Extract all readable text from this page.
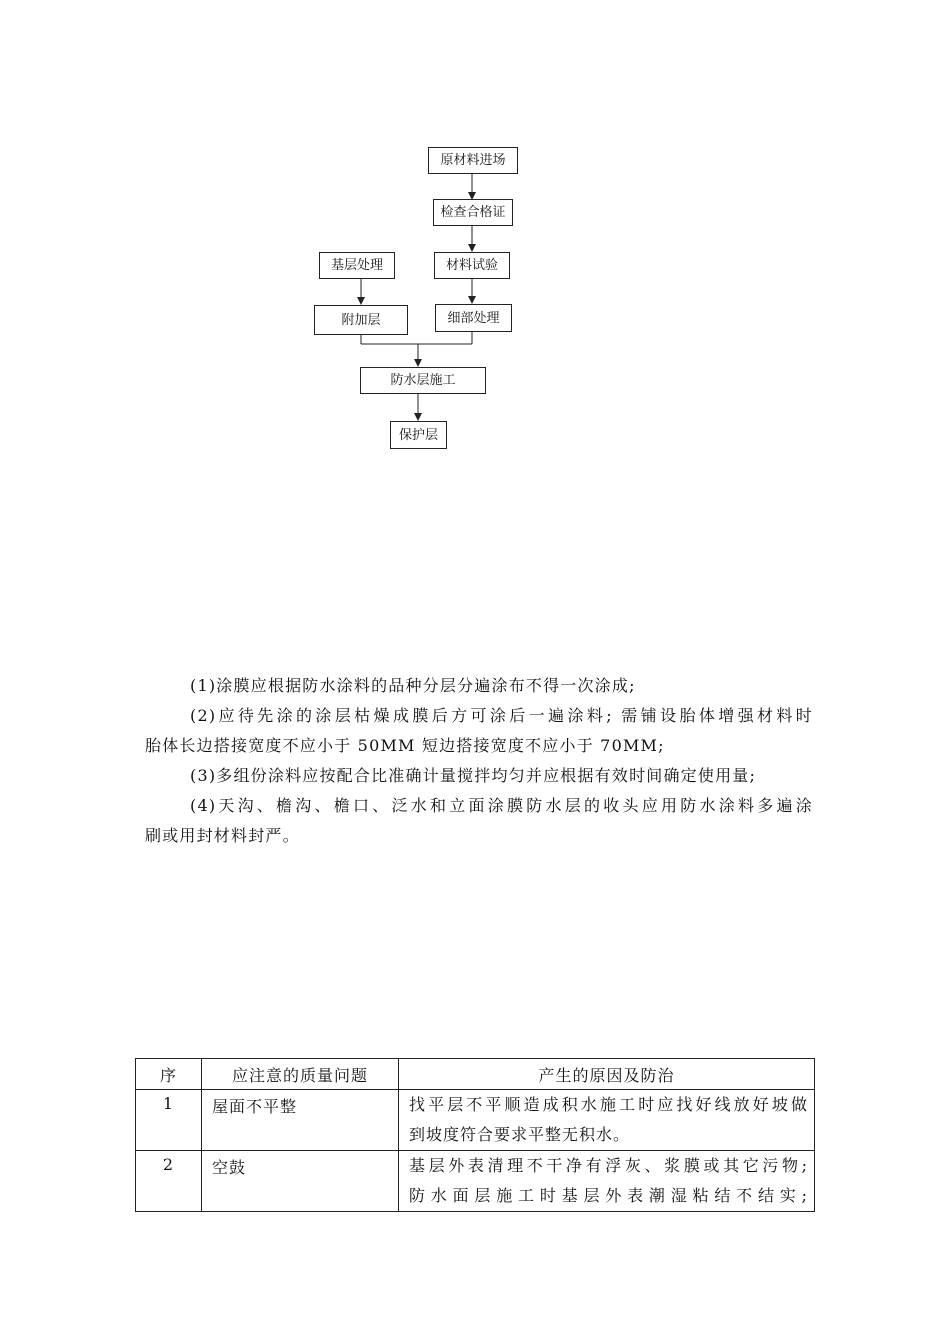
原材料进场
检查合格证
基层处理	材料试验
附加层	细部处理
防水层施工
保护层

(1)涂膜应根据防水涂料的品种分层分遍涂布不得一次涂成;

(2)应待先涂的涂层枯燥成膜后方可涂后一遍涂料; 需铺设胎体增强材料时

胎体长边搭接宽度不应小于 50MM 短边搭接宽度不应小于 70MM;

(3)多组份涂料应按配合比准确计量搅拌均匀并应根据有效时间确定使用量;

(4)天沟、檐沟、檐口、泛水和立面涂膜防水层的收头应用防水涂料多遍涂

刷或用封材料封严。

序	应注意的质量问题	产生的原因及防治
1	屋面不平整	找平层不平顺造成积水施工时应找好线放好坡做
到坡度符合要求平整无积水。

2	空鼓	基层外表清理不干净有浮灰、浆膜或其它污物;
防水面层施工时基层外表潮湿粘结不结实;
